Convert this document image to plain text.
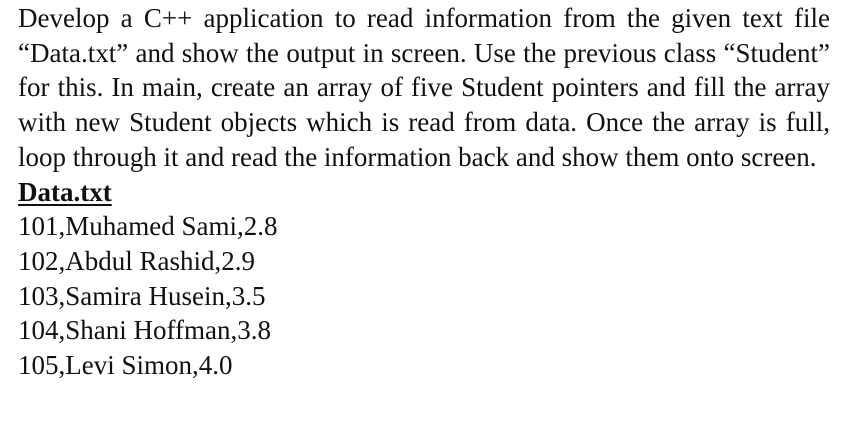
Develop a C++ application to read information from the given text file “Data.txt” and show the output in screen. Use the previous class “Student” for this. In main, create an array of five Student pointers and fill the array with new Student objects which is read from data. Once the array is full, loop through it and read the information back and show them onto screen.

Data.txt
101,Muhamed Sami,2.8
102,Abdul Rashid,2.9
103,Samira Husein,3.5
104,Shani Hoffman,3.8
105,Levi Simon,4.0
